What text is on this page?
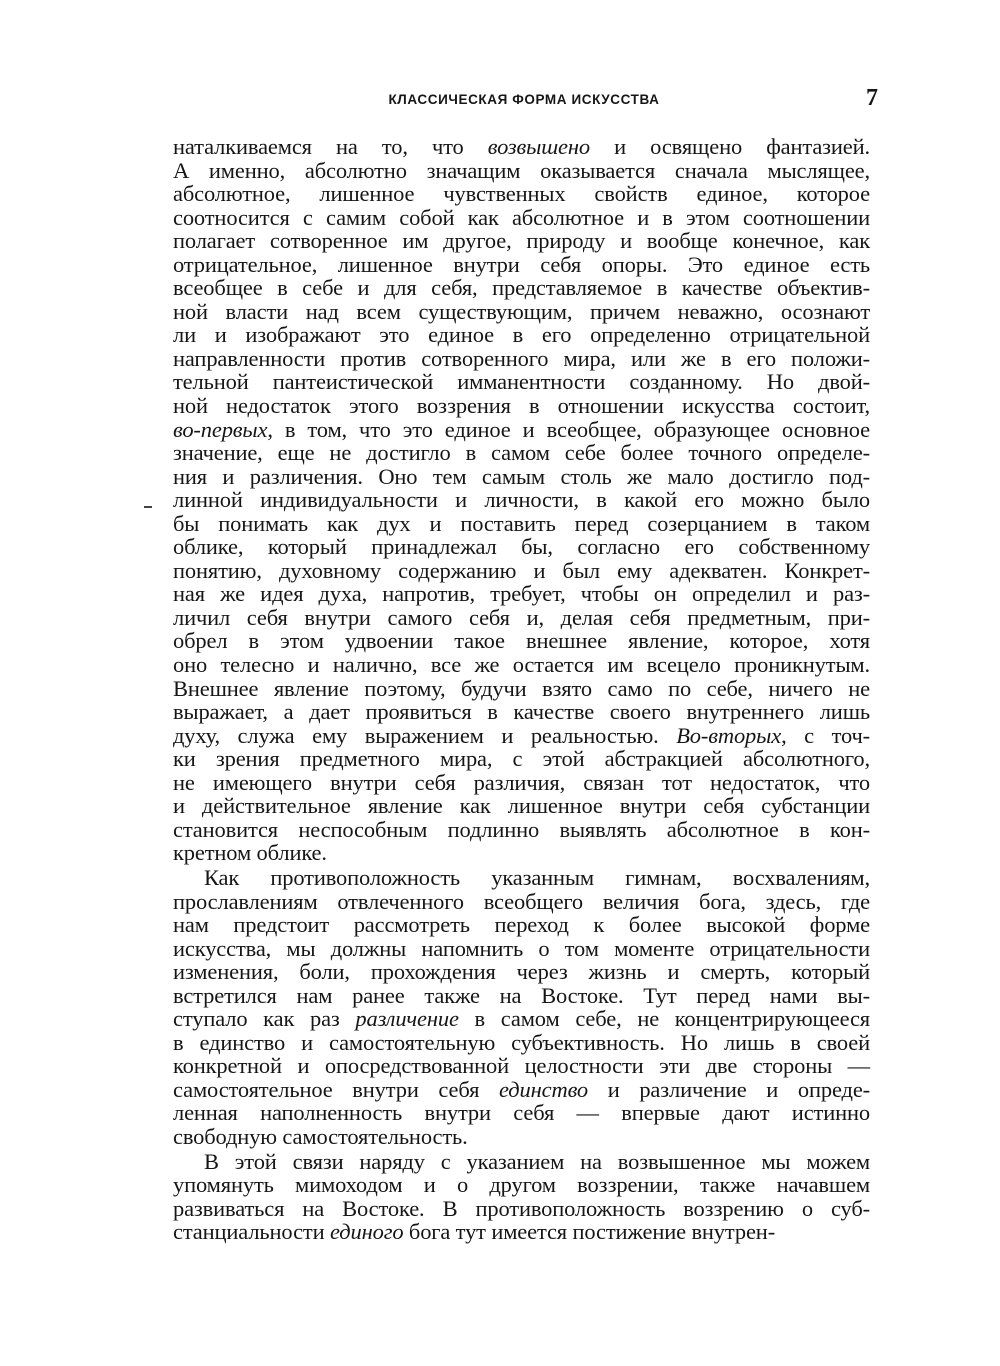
КЛАССИЧЕСКАЯ ФОРМА ИСКУССТВА	7
наталкиваемся на то, что возвышено и освящено фантазией.
А именно, абсолютно значащим оказывается сначала мыслящее,
абсолютное, лишенное чувственных свойств единое, которое
соотносится с самим собой как абсолютное и в этом соотношении
полагает сотворенное им другое, природу и вообще конечное, как
отрицательное, лишенное внутри себя опоры. Это единое есть
всеобщее в себе и для себя, представляемое в качестве объектив-
ной власти над всем существующим, причем неважно, осознают
ли и изображают это единое в его определенно отрицательной
направленности против сотворенного мира, или же в его положи-
тельной пантеистической имманентности созданному. Но двой-
ной недостаток этого воззрения в отношении искусства состоит,
во-первых, в том, что это единое и всеобщее, образующее основное
значение, еще не достигло в самом себе более точного определе-
ния и различения. Оно тем самым столь же мало достигло под-
линной индивидуальности и личности, в какой его можно было
бы понимать как дух и поставить перед созерцанием в таком
облике, который принадлежал бы, согласно его собственному
понятию, духовному содержанию и был ему адекватен. Конкрет-
ная же идея духа, напротив, требует, чтобы он определил и раз-
личил себя внутри самого себя и, делая себя предметным, при-
обрел в этом удвоении такое внешнее явление, которое, хотя
оно телесно и налично, все же остается им всецело проникнутым.
Внешнее явление поэтому, будучи взято само по себе, ничего не
выражает, а дает проявиться в качестве своего внутреннего лишь
духу, служа ему выражением и реальностью. Во-вторых, с точ-
ки зрения предметного мира, с этой абстракцией абсолютного,
не имеющего внутри себя различия, связан тот недостаток, что
и действительное явление как лишенное внутри себя субстанции
становится неспособным подлинно выявлять абсолютное в кон-
кретном облике.
Как противоположность указанным гимнам, восхвалениям,
прославлениям отвлеченного всеобщего величия бога, здесь, где
нам предстоит рассмотреть переход к более высокой форме
искусства, мы должны напомнить о том моменте отрицательности
изменения, боли, прохождения через жизнь и смерть, который
встретился нам ранее также на Востоке. Тут перед нами вы-
ступало как раз различение в самом себе, не концентрирующееся
в единство и самостоятельную субъективность. Но лишь в своей
конкретной и опосредствованной целостности эти две стороны —
самостоятельное внутри себя единство и различение и опреде-
ленная наполненность внутри себя — впервые дают истинно
свободную самостоятельность.
В этой связи наряду с указанием на возвышенное мы можем
упомянуть мимоходом и о другом воззрении, также начавшем
развиваться на Востоке. В противоположность воззрению о суб-
станциальности единого бога тут имеется постижение внутрен-
